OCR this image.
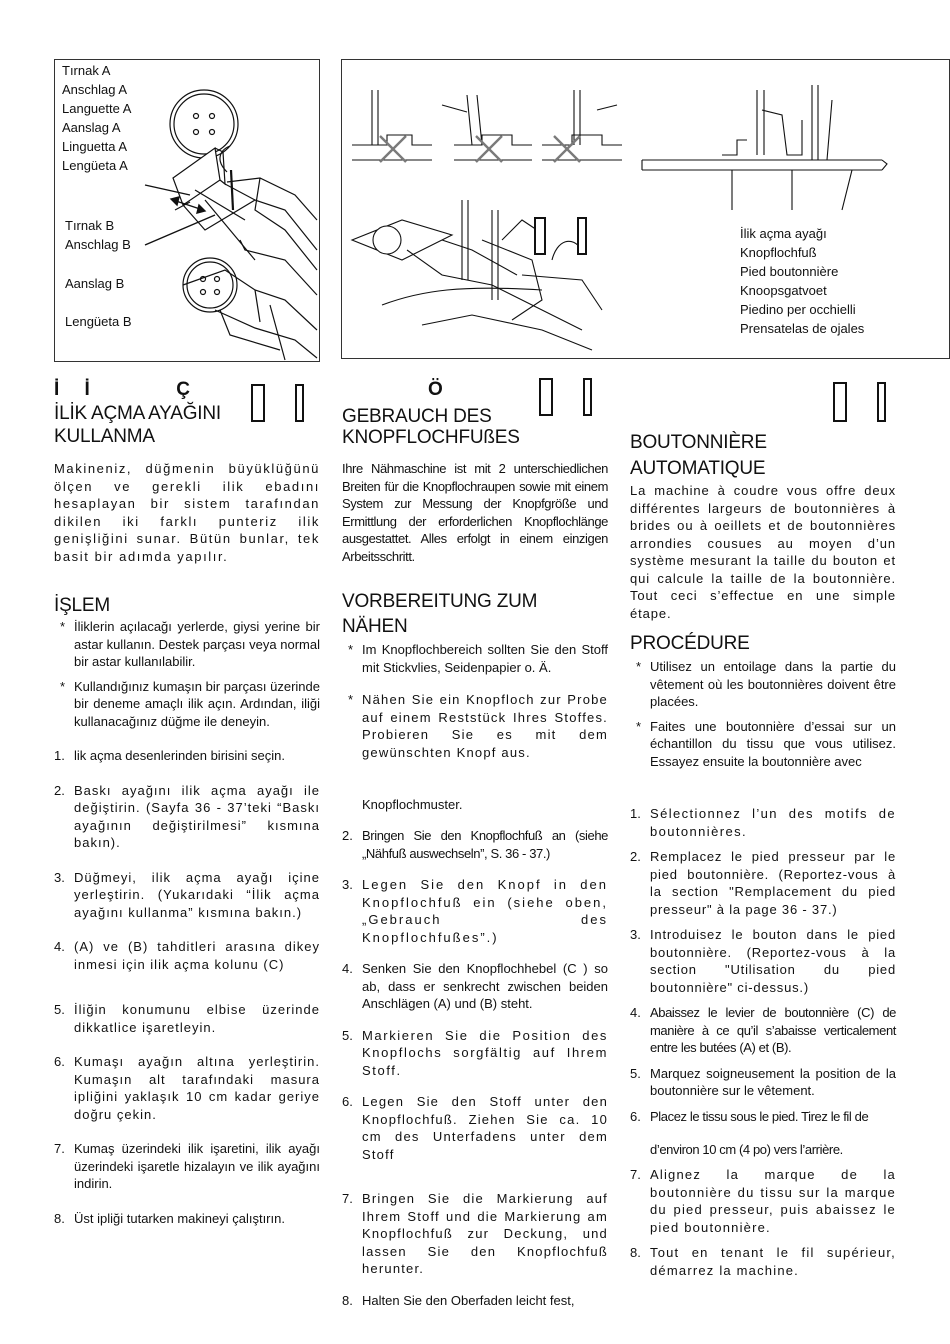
Tırnak A
Anschlag A
Languette A
Aanslag A
Linguetta A
Lengüeta A
Tırnak B
Anschlag B
Aanslag B
Lengüeta B
İlik açma ayağı
Knopflochfuß
Pied boutonnière
Knoopsgatvoet
Piedino per occhielli
Prensatelas de ojales
İ İ     Ç
İLİK AÇMA AYAĞINI
KULLANMA
Makineniz, düğmenin büyüklüğünü ölçen ve gerekli ilik ebadını hesaplayan bir sistem tarafından dikilen iki farklı punteriz ilik genişliğini sunar. Bütün bunlar, tek basit bir adımda yapılır.
İŞLEM
* İliklerin açılacağı yerlerde, giysi yerine bir astar kullanın. Destek parçası veya normal bir astar kullanılabilir.
* Kullandığınız kumaşın bir parçası üzerinde bir deneme amaçlı ilik açın. Ardından, iliği kullanacağınız düğme ile deneyin.
1. lik açma desenlerinden birisini seçin.
2. Baskı ayağını ilik açma ayağı ile değiştirin. (Sayfa 36 - 37’teki “Baskı ayağının değiştirilmesi” kısmına bakın).
3. Düğmeyi, ilik açma ayağı içine yerleştirin. (Yukarıdaki “İlik açma ayağını kullanma” kısmına bakın.)
4. (A) ve (B) tahditleri arasına dikey inmesi için ilik açma kolunu (C)
5. İliğin konumunu elbise üzerinde dikkatlice işaretleyin.
6. Kumaşı ayağın altına yerleştirin. Kumaşın alt tarafındaki masura ipliğini yaklaşık 10 cm kadar geriye doğru çekin.
7. Kumaş üzerindeki ilik işaretini, ilik ayağı üzerindeki işaretle hizalayın ve ilik ayağını indirin.
8. Üst ipliği tutarken makineyi çalıştırın.
Ö
GEBRAUCH DES
KNOPFLOCHFUßES
Ihre Nähmaschine ist mit 2 unterschiedlichen Breiten für die Knopflochraupen sowie mit einem System zur Messung der Knopfgröße und Ermittlung der erforderlichen Knopflochlänge ausgestattet. Alles erfolgt in einem einzigen Arbeitsschritt.
VORBEREITUNG ZUM
NÄHEN
* Im Knopflochbereich sollten Sie den Stoff mit Stickvlies, Seidenpapier o. Ä.
* Nähen Sie ein Knopfloch zur Probe auf einem Reststück Ihres Stoffes. Probieren Sie es mit dem gewünschten Knopf aus.
Knopflochmuster.
2. Bringen Sie den Knopflochfuß an (siehe „Nähfuß auswechseln”, S. 36 - 37.)
3. Legen Sie den Knopf in den Knopflochfuß ein (siehe oben, „Gebrauch des Knopflochfußes”.)
4. Senken Sie den Knopflochhebel (C ) so ab, dass er senkrecht zwischen beiden Anschlägen (A) und (B) steht.
5. Markieren Sie die Position des Knopflochs sorgfältig auf Ihrem Stoff.
6. Legen Sie den Stoff unter den Knopflochfuß. Ziehen Sie ca. 10 cm des Unterfadens unter dem Stoff
7. Bringen Sie die Markierung auf Ihrem Stoff und die Markierung am Knopflochfuß zur Deckung, und lassen Sie den Knopflochfuß herunter.
8. Halten Sie den Oberfaden leicht fest,
BOUTONNIÈRE
AUTOMATIQUE
La machine à coudre vous offre deux différentes largeurs de boutonnières à brides ou à oeillets et de boutonnières arrondies cousues au moyen d’un système mesurant la taille du bouton et qui calcule la taille de la boutonnière. Tout ceci s’effectue en une simple étape.
PROCÉDURE
* Utilisez un entoilage dans la partie du vêtement où les boutonnières doivent être placées.
* Faites une boutonnière d’essai sur un échantillon du tissu que vous utilisez. Essayez ensuite la boutonnière avec
1. Sélectionnez l’un des motifs de boutonnières.
2. Remplacez le pied presseur par le pied boutonnière. (Reportez-vous à la section "Remplacement du pied presseur" à la page 36 - 37.)
3. Introduisez le bouton dans le pied boutonnière. (Reportez-vous à la section "Utilisation du pied boutonnière" ci-dessus.)
4. Abaissez le levier de boutonnière (C) de manière à ce qu’il s’abaisse verticalement entre les butées (A) et (B).
5. Marquez soigneusement la position de la boutonnière sur le vêtement.
6. Placez le tissu sous le pied. Tirez le fil de
d’environ 10 cm (4 po) vers l’arrière.
7. Alignez la marque de la boutonnière du tissu sur la marque du pied presseur, puis abaissez le pied boutonnière.
8. Tout en tenant le fil supérieur, démarrez la machine.
